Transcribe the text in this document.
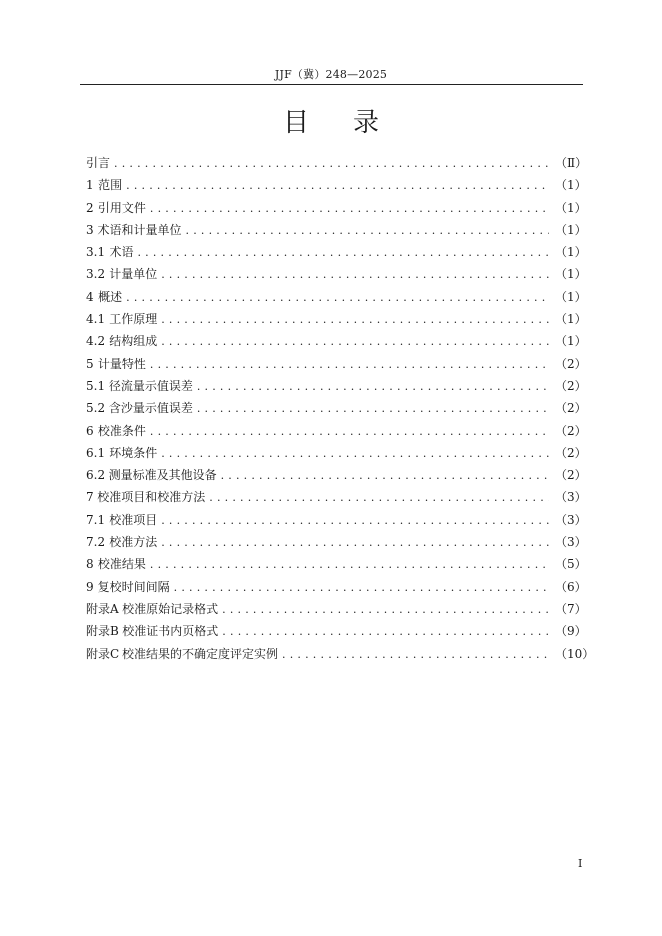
JJF（冀）248—2025
目录
引言 .....	（Ⅱ）
1 范围 .....	（1）
2 引用文件 .....	（1）
3 术语和计量单位 .....	（1）
3.1 术语 .....	（1）
3.2 计量单位 .....	（1）
4 概述 .....	（1）
4.1 工作原理 .....	（1）
4.2 结构组成 .....	（1）
5 计量特性 .....	（2）
5.1 径流量示值误差 .....	（2）
5.2 含沙量示值误差 .....	（2）
6 校准条件 .....	（2）
6.1 环境条件 .....	（2）
6.2 测量标准及其他设备 .....	（2）
7 校准项目和校准方法 .....	（3）
7.1 校准项目 .....	（3）
7.2 校准方法 .....	（3）
8 校准结果 .....	（5）
9 复校时间间隔 .....	（6）
附录A 校准原始记录格式 .....	（7）
附录B 校准证书内页格式 .....	（9）
附录C 校准结果的不确定度评定实例 .....	（10）
I
